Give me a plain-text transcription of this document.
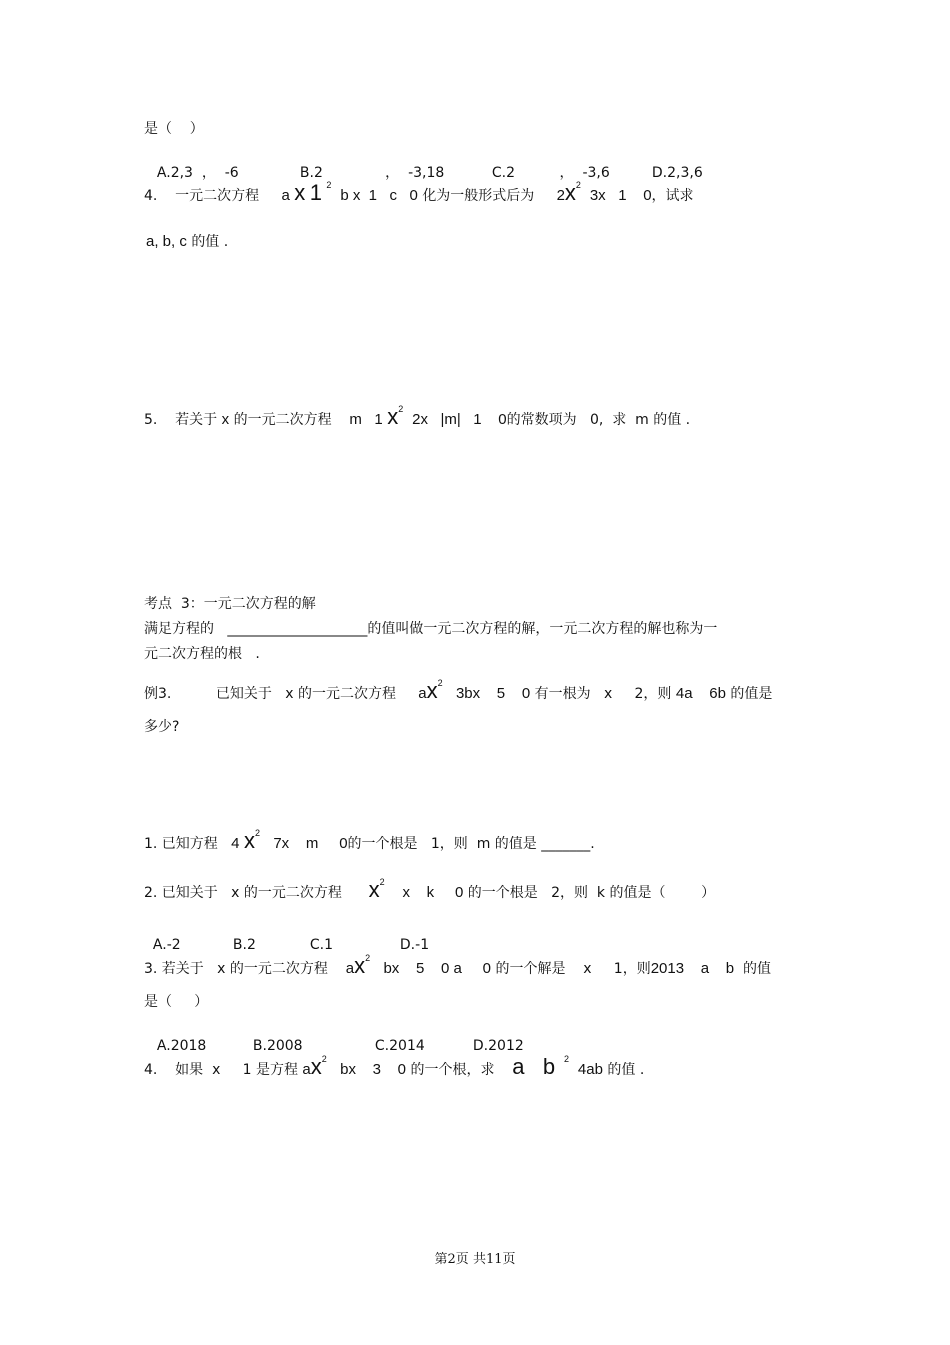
是（    ）

A.2,3  ，  -6	B.2              ，  -3,18	C.2          ，  -3,6	D.2,3,6

4. 一元二次方程 a x 1 $^2$  b x  1   c   0 化为一般形式后为 $2x^2$  3x   1    0，试求
a, b, c 的值 .
5. 若关于 x 的一元二次方程 m   1 $x^2$  2x   |m|   1    0的常数项为   0,  求  m 的值 .
考点  3：一元二次方程的解
满足方程的 ____________________的值叫做一元二次方程的解，一元二次方程的解也称为一
元二次方程的根   .
例3.	已知关于   x 的一元二次方程 $ax^2$   3bx    5    0 有一根为   x     2，则 4a    6b 的值是
多少?
1. 已知方程 4 $x^2$   7x    m     0的一个根是   1，则  m 的值是 _______.
2. 已知关于   x 的一元二次方程 $x^2$    x    k     0 的一个根是   2，则  k 的值是（        ）

A.-2	B.2	C.1	D.-1

3. 若关于   x 的一元二次方程 $ax^2$   bx    5    0 a     0 的一个解是    x     1，则2013    a    b 的值
是（     ）

A.2018	B.2008	C.2014	D.2012

4. 如果  x     1 是方程 $ax^2$   bx    3    0 的一个根，求 a   b $^2$  4ab 的值 .
第2页 共11页
